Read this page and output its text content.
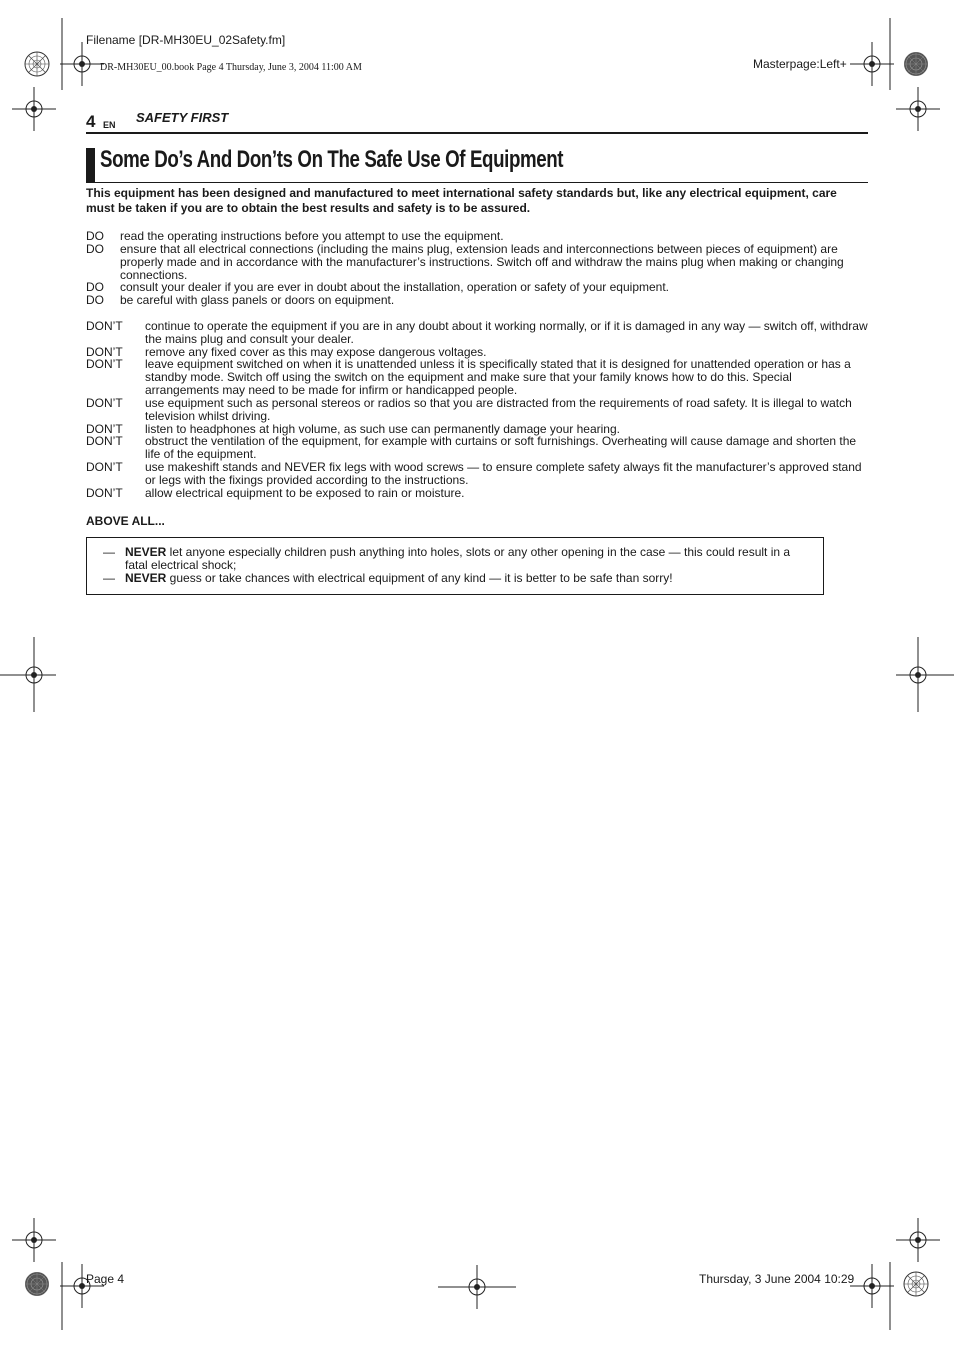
Filename [DR-MH30EU_02Safety.fm]
DR-MH30EU_00.book Page 4 Thursday, June 3, 2004 11:00 AM	Masterpage:Left+
4 EN SAFETY FIRST
Some Do’s And Don’ts On The Safe Use Of Equipment
This equipment has been designed and manufactured to meet international safety standards but, like any electrical equipment, care must be taken if you are to obtain the best results and safety is to be assured.
DO read the operating instructions before you attempt to use the equipment.
DO ensure that all electrical connections (including the mains plug, extension leads and interconnections between pieces of equipment) are properly made and in accordance with the manufacturer’s instructions. Switch off and withdraw the mains plug when making or changing connections.
DO consult your dealer if you are ever in doubt about the installation, operation or safety of your equipment.
DO be careful with glass panels or doors on equipment.
DON’T continue to operate the equipment if you are in any doubt about it working normally, or if it is damaged in any way — switch off, withdraw the mains plug and consult your dealer.
DON’T remove any fixed cover as this may expose dangerous voltages.
DON’T leave equipment switched on when it is unattended unless it is specifically stated that it is designed for unattended operation or has a standby mode. Switch off using the switch on the equipment and make sure that your family knows how to do this. Special arrangements may need to be made for infirm or handicapped people.
DON’T use equipment such as personal stereos or radios so that you are distracted from the requirements of road safety. It is illegal to watch television whilst driving.
DON’T listen to headphones at high volume, as such use can permanently damage your hearing.
DON’T obstruct the ventilation of the equipment, for example with curtains or soft furnishings. Overheating will cause damage and shorten the life of the equipment.
DON’T use makeshift stands and NEVER fix legs with wood screws — to ensure complete safety always fit the manufacturer’s approved stand or legs with the fixings provided according to the instructions.
DON’T allow electrical equipment to be exposed to rain or moisture.
ABOVE ALL...
— NEVER let anyone especially children push anything into holes, slots or any other opening in the case — this could result in a fatal electrical shock;
— NEVER guess or take chances with electrical equipment of any kind — it is better to be safe than sorry!
Page 4	Thursday, 3 June 2004 10:29
